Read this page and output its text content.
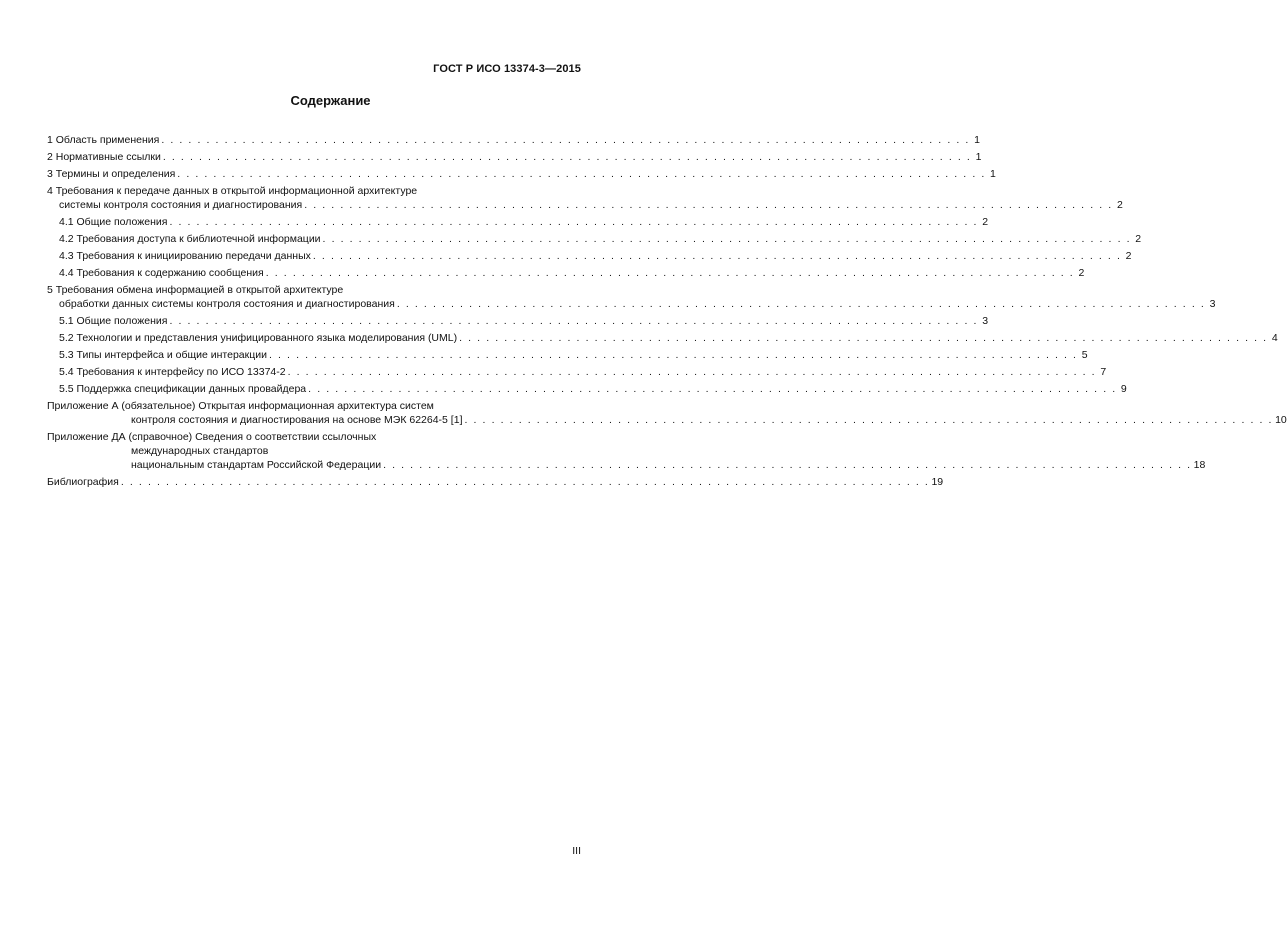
ГОСТ Р ИСО 13374-3—2015
Содержание
1 Область применения . . . . . . . . . . . . . . . . . . . . . . . . . . . . . . . . . . . . . . . . . . . . . . . . . . . . . . . . . . . . . . . . . . . . . . . . . . . . . . . . . . . . . . . . . . 1
2 Нормативные ссылки . . . . . . . . . . . . . . . . . . . . . . . . . . . . . . . . . . . . . . . . . . . . . . . . . . . . . . . . . . . . . . . . . . . . . . . . . . . . . . . . . . . . . . . . . . 1
3 Термины и определения . . . . . . . . . . . . . . . . . . . . . . . . . . . . . . . . . . . . . . . . . . . . . . . . . . . . . . . . . . . . . . . . . . . . . . . . . . . . . . . . . . . . . . . . . . 1
4 Требования к передаче данных в открытой информационной архитектуре
системы контроля состояния и диагностирования . . . . . . . . . . . . . . . . . . . . . . . . . . . . . . . . . . . . . . . . . . . . . . . . . . . . . . . . . . . . . . . . . . . . . . . . . . . . . . . . . . . . . . . . . . 2
4.1 Общие положения . . . . . . . . . . . . . . . . . . . . . . . . . . . . . . . . . . . . . . . . . . . . . . . . . . . . . . . . . . . . . . . . . . . . . . . . . . . . . . . . . . . . . . . . . . 2
4.2 Требования доступа к библиотечной информации . . . . . . . . . . . . . . . . . . . . . . . . . . . . . . . . . . . . . . . . . . . . . . . . . . . . . . . . . . . . . . . . . . . . . . . . . . . . . . . . . . . . . . . . . . 2
4.3 Требования к инициированию передачи данных . . . . . . . . . . . . . . . . . . . . . . . . . . . . . . . . . . . . . . . . . . . . . . . . . . . . . . . . . . . . . . . . . . . . . . . . . . . . . . . . . . . . . . . . . . 2
4.4 Требования к содержанию сообщения . . . . . . . . . . . . . . . . . . . . . . . . . . . . . . . . . . . . . . . . . . . . . . . . . . . . . . . . . . . . . . . . . . . . . . . . . . . . . . . . . . . . . . . . . . 2
5 Требования обмена информацией в открытой архитектуре
обработки данных системы контроля состояния и диагностирования . . . . . . . . . . . . . . . . . . . . . . . . . . . . . . . . . . . . . . . . . . . . . . . . . . . . . . . . . . . . . . . . . . . . . . . . . . . . . . . . . . . . . . . . . . 3
5.1 Общие положения . . . . . . . . . . . . . . . . . . . . . . . . . . . . . . . . . . . . . . . . . . . . . . . . . . . . . . . . . . . . . . . . . . . . . . . . . . . . . . . . . . . . . . . . . . 3
5.2 Технологии и представления унифицированного языка моделирования (UML) . . . . . . . . . . . . . . . . . . . . . . . . . . . . . . . . . . . . . . . . . . . . . . . . . . . . . . . . . . . . . . . . . . . . . . . . . . . . . . . . . . . . . . . . . . 4
5.3 Типы интерфейса и общие интеракции . . . . . . . . . . . . . . . . . . . . . . . . . . . . . . . . . . . . . . . . . . . . . . . . . . . . . . . . . . . . . . . . . . . . . . . . . . . . . . . . . . . . . . . . . . 5
5.4 Требования к интерфейсу по ИСО 13374-2 . . . . . . . . . . . . . . . . . . . . . . . . . . . . . . . . . . . . . . . . . . . . . . . . . . . . . . . . . . . . . . . . . . . . . . . . . . . . . . . . . . . . . . . . . . 7
5.5 Поддержка спецификации данных провайдера . . . . . . . . . . . . . . . . . . . . . . . . . . . . . . . . . . . . . . . . . . . . . . . . . . . . . . . . . . . . . . . . . . . . . . . . . . . . . . . . . . . . . . . . . . 9
Приложение А (обязательное) Открытая информационная архитектура систем
контроля состояния и диагностирования на основе МЭК 62264-5 [1] . . . . . . . . . . . . . . . . . . . . . . . . . . . . . . . . . . . . . . . . . . . . . . . . . . . . . . . . . . . . . . . . . . . . . . . . . . . . . . . . . . . . . . . . . . 10
Приложение ДА (справочное) Сведения о соответствии ссылочных
международных стандартов
национальным стандартам Российской Федерации . . . . . . . . . . . . . . . . . . . . . . . . . . . . . . . . . . . . . . . . . . . . . . . . . . . . . . . . . . . . . . . . . . . . . . . . . . . . . . . . . . . . . . . . . . 18
Библиография . . . . . . . . . . . . . . . . . . . . . . . . . . . . . . . . . . . . . . . . . . . . . . . . . . . . . . . . . . . . . . . . . . . . . . . . . . . . . . . . . . . . . . . . . . 19
III
